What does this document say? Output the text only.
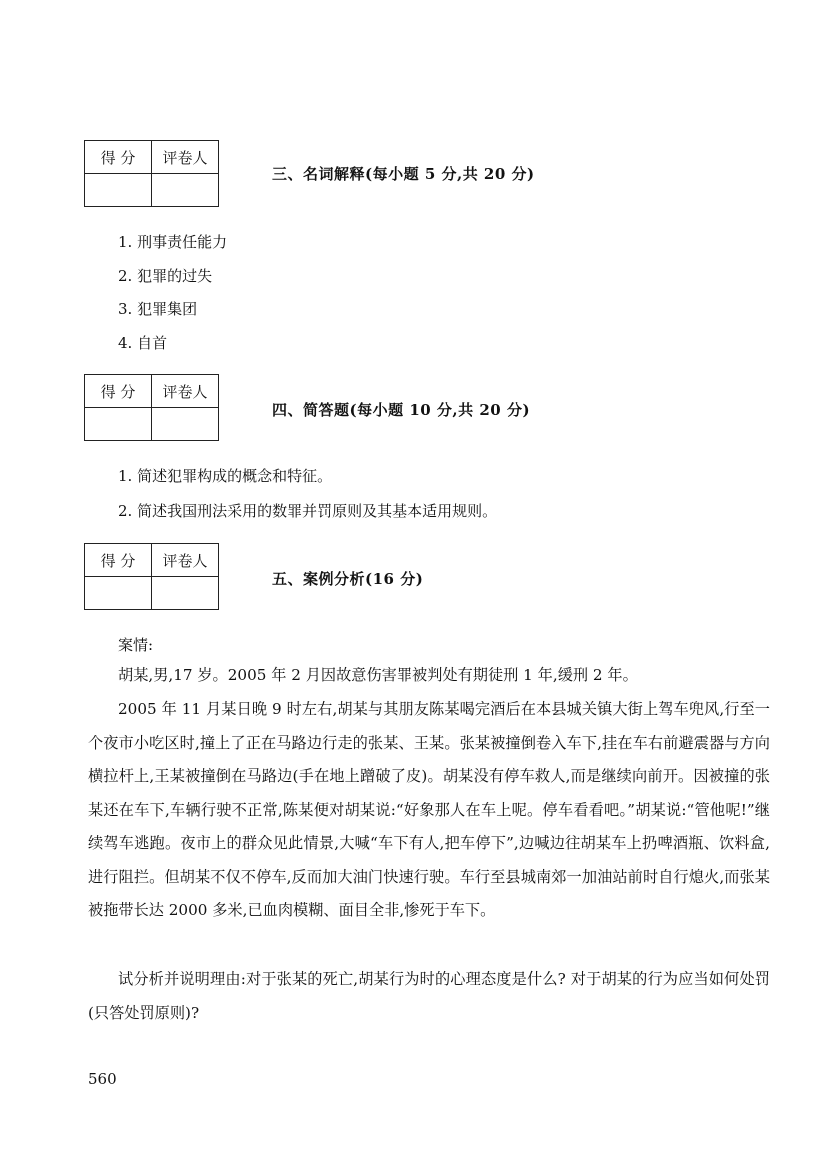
得 分	评卷人

三、名词解释(每小题 5 分,共 20 分)
1. 刑事责任能力
2. 犯罪的过失
3. 犯罪集团
4. 自首
得 分	评卷人

四、简答题(每小题 10 分,共 20 分)
1. 简述犯罪构成的概念和特征。
2. 简述我国刑法采用的数罪并罚原则及其基本适用规则。
得 分	评卷人

五、案例分析(16 分)
案情:

胡某,男,17 岁。2005 年 2 月因故意伤害罪被判处有期徒刑 1 年,缓刑 2 年。

2005 年 11 月某日晚 9 时左右,胡某与其朋友陈某喝完酒后在本县城关镇大街上驾车兜风,行至一个夜市小吃区时,撞上了正在马路边行走的张某、王某。张某被撞倒卷入车下,挂在车右前避震器与方向横拉杆上,王某被撞倒在马路边(手在地上蹭破了皮)。胡某没有停车救人,而是继续向前开。因被撞的张某还在车下,车辆行驶不正常,陈某便对胡某说:“好象那人在车上呢。停车看看吧。”胡某说:“管他呢!”继续驾车逃跑。夜市上的群众见此情景,大喊“车下有人,把车停下”,边喊边往胡某车上扔啤酒瓶、饮料盒,进行阻拦。但胡某不仅不停车,反而加大油门快速行驶。车行至县城南郊一加油站前时自行熄火,而张某被拖带长达 2000 多米,已血肉模糊、面目全非,惨死于车下。

试分析并说明理由:对于张某的死亡,胡某行为时的心理态度是什么? 对于胡某的行为应当如何处罚(只答处罚原则)?

560
